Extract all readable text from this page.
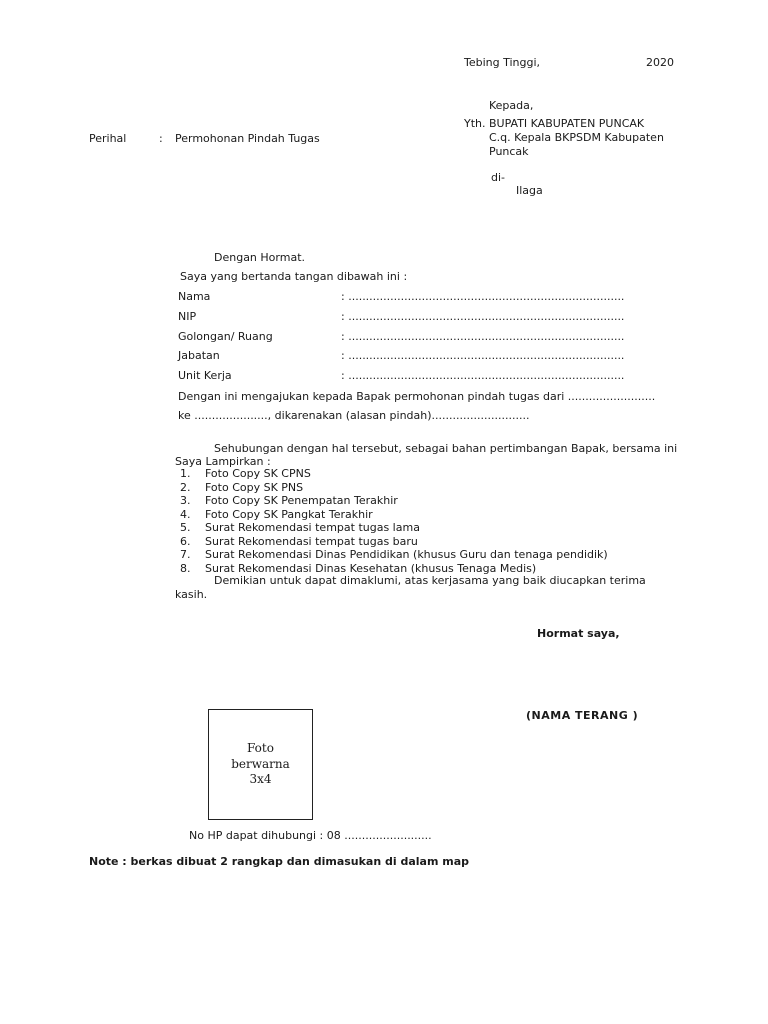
Tebing Tinggi,	2020
Kepada,
Yth. BUPATI KABUPATEN PUNCAK
C.q. Kepala BKPSDM Kabupaten
Puncak
di-
Ilaga
Perihal	: Permohonan Pindah Tugas
Dengan Hormat.
Saya yang bertanda tangan dibawah ini :
Nama	: ...............................................................................
NIP	: ...............................................................................
Golongan/ Ruang	: ...............................................................................
Jabatan	: ...............................................................................
Unit Kerja	: ...............................................................................
Dengan ini mengajukan kepada Bapak permohonan pindah tugas dari .........................
ke ....................., dikarenakan (alasan pindah)............................
Sehubungan dengan hal tersebut, sebagai bahan pertimbangan Bapak, bersama ini
Saya Lampirkan :
1. Foto Copy SK CPNS
2. Foto Copy SK PNS
3. Foto Copy SK Penempatan Terakhir
4. Foto Copy SK Pangkat Terakhir
5. Surat Rekomendasi tempat tugas lama
6. Surat Rekomendasi tempat tugas baru
7. Surat Rekomendasi Dinas Pendidikan (khusus Guru dan tenaga pendidik)
8. Surat Rekomendasi Dinas Kesehatan (khusus Tenaga Medis)
Demikian untuk dapat dimaklumi, atas kerjasama yang baik diucapkan terima
kasih.
Hormat saya,
(NAMA TERANG )
Foto
berwarna
3x4
No HP dapat dihubungi : 08 .........................
Note : berkas dibuat 2 rangkap dan dimasukan di dalam map
